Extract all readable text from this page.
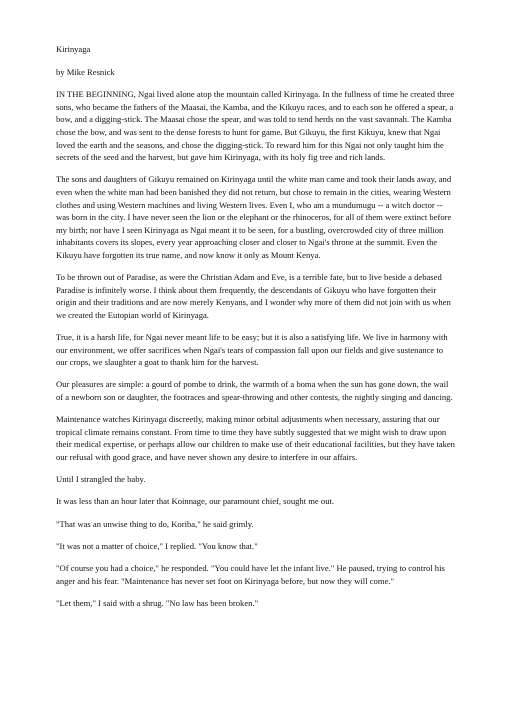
Kirinyaga

by Mike Resnick

IN THE BEGINNING, Ngai lived alone atop the mountain called Kirinyaga. In the fullness of time he created three sons, who became the fathers of the Maasai, the Kamba, and the Kikuyu races, and to each son he offered a spear, a bow, and a digging-stick. The Maasai chose the spear, and was told to tend herds on the vast savannah. The Kamba chose the bow, and was sent to the dense forests to hunt for game. But Gikuyu, the first Kikuyu, knew that Ngai loved the earth and the seasons, and chose the digging-stick. To reward him for this Ngai not only taught him the secrets of the seed and the harvest, but gave him Kirinyaga, with its holy fig tree and rich lands.

The sons and daughters of Gikuyu remained on Kirinyaga until the white man came and took their lands away, and even when the white man had been banished they did not return, but chose to remain in the cities, wearing Western clothes and using Western machines and living Western lives. Even I, who am a mundumugu -- a witch doctor -- was born in the city. I have never seen the lion or the elephant or the rhinoceros, for all of them were extinct before my birth; nor have I seen Kirinyaga as Ngai meant it to be seen, for a bustling, overcrowded city of three million inhabitants covers its slopes, every year approaching closer and closer to Ngai's throne at the summit. Even the Kikuyu have forgotten its true name, and now know it only as Mount Kenya.

To be thrown out of Paradise, as were the Christian Adam and Eve, is a terrible fate, but to live beside a debased Paradise is infinitely worse. I think about them frequently, the descendants of Gikuyu who have forgotten their origin and their traditions and are now merely Kenyans, and I wonder why more of them did not join with us when we created the Eutopian world of Kirinyaga.

True, it is a harsh life, for Ngai never meant life to be easy; but it is also a satisfying life. We live in harmony with our environment, we offer sacrifices when Ngai's tears of compassion fall upon our fields and give sustenance to our crops, we slaughter a goat to thank him for the harvest.

Our pleasures are simple: a gourd of pombe to drink, the warmth of a boma when the sun has gone down, the wail of a newborn son or daughter, the footraces and spear-throwing and other contests, the nightly singing and dancing.

Maintenance watches Kirinyaga discreetly, making minor orbital adjustments when necessary, assuring that our tropical climate remains constant. From time to time they have subtly suggested that we might wish to draw upon their medical expertise, or perhaps allow our children to make use of their educational facilities, but they have taken our refusal with good grace, and have never shown any desire to interfere in our affairs.

Until I strangled the baby.

It was less than an hour later that Koinnage, our paramount chief, sought me out.

"That was an unwise thing to do, Koriba," he said grimly.

"It was not a matter of choice," I replied. "You know that."

"Of course you had a choice," he responded. "You could have let the infant live." He paused, trying to control his anger and his fear. "Maintenance has never set foot on Kirinyaga before, but now they will come."

"Let them," I said with a shrug. "No law has been broken."
